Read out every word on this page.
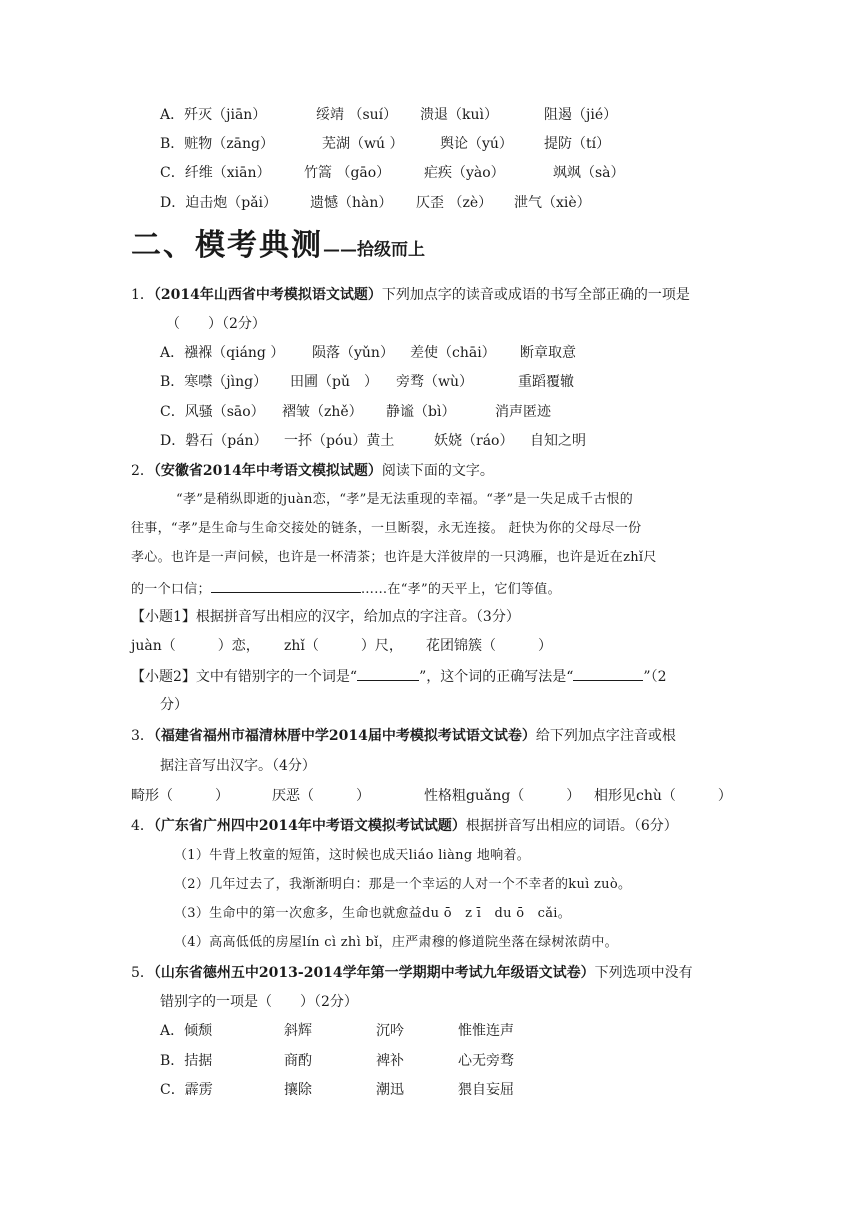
A．歼灭（jiān）	绥靖 （suí） 溃退（kuì）	阻遏（jié）
B．赃物（zāng）	芜湖（wú ）	舆论（yú） 提防（tí）
C．纤维（xiān） 竹篙 （gāo） 疟疾（yào）	飒飒（sà）
D．迫击炮（pǎi） 遗憾（hàn） 仄歪 （zè） 泄气（xiè）
二、模考典测——拾级而上
1．（2014年山西省中考模拟语文试题）下列加点字的读音或成语的书写全部正确的一项是
（　　）（2分）
A．襁褓（qiáng ） 陨落（yǔn） 差使（chāi） 断章取意
B．寒噤（jìng） 田圃（pǔ　） 旁骛（wù）	重蹈覆辙
C．风骚（sāo） 褶皱（zhě） 静谧（bì）	消声匿迹
D．磐石（pán） 一抔（póu）黄土	妖娆（ráo） 自知之明
2．（安徽省2014年中考语文模拟试题）阅读下面的文字。
“孝”是稍纵即逝的juàn恋，“孝”是无法重现的幸福。“孝”是一失足成千古恨的
往事，“孝”是生命与生命交接处的链条，一旦断裂，永无连接。 赶快为你的父母尽一份
孝心。也许是一声问候，也许是一杯清茶；也许是大洋彼岸的一只鸿雁，也许是近在zhǐ尺
的一个口信；	……在“孝”的天平上，它们等值。
【小题1】根据拼音写出相应的汉字，给加点的字注音。（3分）
juàn（　　　）恋， zhǐ（　　　）尺， 花团锦簇（　　　）
【小题2】文中有错别字的一个词是“	”，这个词的正确写法是“	”（2
分）
3．（福建省福州市福清林厝中学2014届中考模拟考试语文试卷）给下列加点字注音或根
据注音写出汉字。（4分）
畸形（　　　）	厌恶（　　　）	性格粗guǎng（　　　） 相形见chù（　　　）
4．（广东省广州四中2014年中考语文模拟考试试题）根据拼音写出相应的词语。（6分）
（1）牛背上牧童的短笛，这时候也成天liáo liàng 地响着。
（2）几年过去了，我渐渐明白：那是一个幸运的人对一个不幸者的kuì zuò。
（3）生命中的第一次愈多，生命也就愈益du ō　z ī　du ō　cǎi。
（4）高高低低的房屋lín cì zhì bǐ，庄严肃穆的修道院坐落在绿树浓荫中。
5．（山东省德州五中2013-2014学年第一学期期中考试九年级语文试卷）下列选项中没有
错别字的一项是（　　）（2分）
A．倾颓	斜辉	沉吟	惟惟连声
B．拮据	商酌	裨补	心无旁骛
C．霹雳	攘除	潮迅	猥自妄屈
